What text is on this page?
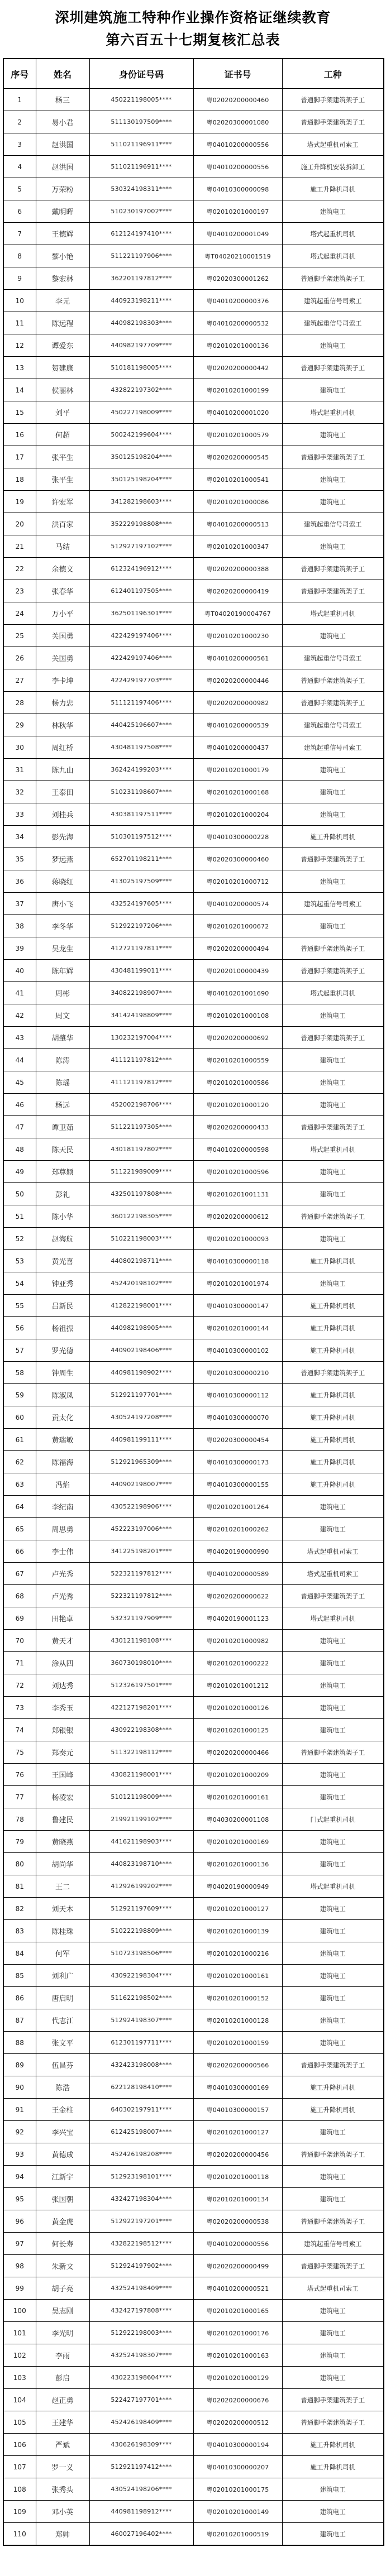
深圳建筑施工特种作业操作资格证继续教育
第六百五十七期复核汇总表
序号	姓名	身份证号码	证书号	工种
1	杨三	450221198005****	粤02020200000460	普通脚手架建筑架子工
2	易小君	511130197509****	粤02020300001080	普通脚手架建筑架子工
3	赵洪国	511021196911****	粤04010200000556	塔式起重机司索工
4	赵洪国	511021196911****	粤04010200000556	施工升降机安装拆卸工
5	万荣粉	530324198311****	粤04010300000098	施工升降机司机
6	戴明晖	510230197002****	粤02010201000197	建筑电工
7	王德辉	612124197410****	粤04010200001049	塔式起重机司机
8	黎小艳	511221197906****	粤T04020210001519	塔式起重机司机
9	黎宏林	362201197812****	粤02020300001262	普通脚手架建筑架子工
10	李元	440923198211****	粤04010200000376	建筑起重信号司索工
11	陈远程	440982198303****	粤04010200000532	建筑起重信号司索工
12	谭爱东	440982197709****	粤02010201000136	建筑电工
13	贺建康	510181198005****	粤02020200000442	普通脚手架建筑架子工
14	侯丽林	432822197302****	粤02010201000199	建筑电工
15	刘平	450227198009****	粤04010200001020	塔式起重机司机
16	何超	500242199604****	粤02010201000579	建筑电工
17	张平生	350125198204****	粤02020200000545	普通脚手架建筑架子工
18	张平生	350125198204****	粤02010201000541	建筑电工
19	许宏军	341282198603****	粤02010201000086	建筑电工
20	洪百家	352229198808****	粤04010200000513	建筑起重信号司索工
21	马结	512927197102****	粤02010201000347	建筑电工
22	余德文	612324196912****	粤02020200000388	普通脚手架建筑架子工
23	张春华	612401197505****	粤02020200000419	普通脚手架建筑架子工
24	万小平	362501196301****	粤T04020190004767	塔式起重机司机
25	关国勇	422429197406****	粤02010201000230	建筑电工
26	关国勇	422429197406****	粤04010200000561	建筑起重信号司索工
27	李卡坤	422429197703****	粤02020200000446	普通脚手架建筑架子工
28	杨力忠	511121197406****	粤02020200000982	普通脚手架建筑架子工
29	林秋华	440425196607****	粤04010200000539	建筑起重信号司索工
30	周红桥	430481197508****	粤04010200000437	建筑起重信号司索工
31	陈九山	362424199203****	粤02010201000179	建筑电工
32	王泰田	510231198607****	粤02010201000168	建筑电工
33	刘桂兵	430381197511****	粤02010201000204	建筑电工
34	彭先海	510301197512****	粤04010300000228	施工升降机司机
35	梦远燕	652701198211****	粤02020300000460	普通脚手架建筑架子工
36	蒋晓红	413025197509****	粤02010201000712	建筑电工
37	唐小飞	432524197605****	粤04010200000574	建筑起重信号司索工
38	李冬华	512922197206****	粤02010201000672	建筑电工
39	吴龙生	412721197811****	粤02020200000494	普通脚手架建筑架子工
40	陈年辉	430481199011****	粤02020100000439	普通脚手架建筑架子工
41	周彬	340822198907****	粤04010201001690	塔式起重机司机
42	周文	341424198809****	粤02010201000108	建筑电工
43	胡肇华	130232197004****	粤02020200000692	普通脚手架建筑架子工
44	陈涛	411121197812****	粤02010201000559	建筑电工
45	陈瑶	411121197812****	粤02010201000586	建筑电工
46	杨远	452002198706****	粤02010201000120	建筑电工
47	谭卫茹	511221197305****	粤02020200000433	普通脚手架建筑架子工
48	陈天民	430181197802****	粤04010200000598	塔式起重机司机
49	郑尊颖	511221989009****	粤02010201000596	建筑电工
50	彭礼	432501197808****	粤02010201001131	建筑电工
51	陈小华	360122198305****	粤02020200000612	普通脚手架建筑架子工
52	赵海航	510221198003****	粤02010201000093	建筑电工
53	黄光喜	440802198711****	粤04010300000118	施工升降机司机
54	钟亚秀	452420198102****	粤02010201001974	建筑电工
55	吕新民	412822198001****	粤04010300000147	施工升降机司机
56	杨祖振	440982198905****	粤02010201000144	施工升降机司机
57	罗光德	440902198406****	粤04010300000102	施工升降机司机
58	钟周生	440981198902****	粤02010300000210	普通脚手架建筑架子工
59	陈淑凤	512921197701****	粤04010300000112	施工升降机司机
60	贡太化	430524197208****	粤04010300000070	施工升降机司机
61	黄瑞敏	440981199111****	粤02020300000454	施工升降机司机
62	陈福海	512921965309****	粤04010300000173	施工升降机司机
63	冯焰	440902198007****	粤04010300000155	施工升降机司机
64	李纪南	430522198906****	粤02010201001264	建筑电工
65	周思勇	452223197006****	粤02010201000262	建筑电工
66	李士伟	341225198201****	粤04020190000990	塔式起重机司索工
67	卢光秀	522321197812****	粤04010200000589	塔式起重机司索工
68	卢光秀	522321197812****	粤02020200000622	普通脚手架建筑架子工
69	田艳卓	532321197909****	粤04020190001123	塔式起重机司机
70	黄天才	430121198108****	粤02010201000982	建筑电工
71	涂从四	360730198010****	粤02010201000222	建筑电工
72	刘达秀	512326197501****	粤02010201001212	建筑电工
73	李秀玉	422127198201****	粤02010201000126	建筑电工
74	郑银银	430922198308****	粤02010201000125	建筑电工
75	郑奏元	511322198112****	粤02020200000466	普通脚手架建筑架子工
76	王国峰	430821198001****	粤02010201000209	建筑电工
77	杨凌宏	510121198009****	粤02010201000161	建筑电工
78	鲁建民	219921199102****	粤04030200001108	门式起重机司机
79	黄晓燕	441621198903****	粤02010201000169	建筑电工
80	胡尚华	440823198710****	粤02010201000136	建筑电工
81	王二	412926199202****	粤04020190000949	塔式起重机司机
82	刘天木	512921197609****	粤02010201000127	建筑电工
83	陈桂珠	510222198809****	粤02010201000139	建筑电工
84	何军	510723198506****	粤02010201000216	建筑电工
85	刘利广	430922198304****	粤02010201000161	建筑电工
86	唐启明	511622198502****	粤02010201000152	建筑电工
87	代志江	512924198307****	粤02010201000128	建筑电工
88	张文平	612301197711****	粤02010201000159	建筑电工
89	伍昌芬	432423198008****	粤02020200000566	普通脚手架建筑架子工
90	陈浩	622128198410****	粤04010300000169	施工升降机司机
91	王金柱	640302197911****	粤04010300000157	施工升降机司机
92	李兴宝	612425198007****	粤02010201000127	建筑电工
93	黄德成	452426198208****	粤02020200000456	普通脚手架建筑架子工
94	江新宇	512923198101****	粤02010201000118	建筑电工
95	张国朝	432427198304****	粤02010201000134	建筑电工
96	黄金虎	512922197201****	粤02020200000538	普通脚手架建筑架子工
97	何长寿	432822198512****	粤04010200000556	建筑起重信号司索工
98	朱新文	512924197902****	粤02020200000499	普通脚手架建筑架子工
99	胡子亮	432524198409****	粤04010200000521	塔式起重机司索工
100	吴志刚	432427197808****	粤02010201000165	建筑电工
101	李光明	512922198003****	粤02010201000176	建筑电工
102	李雨	432524198307****	粤02010201000163	建筑电工
103	彭启	430223198604****	粤02010201000129	建筑电工
104	赵正勇	522427197701****	粤02020200000676	普通脚手架建筑架子工
105	王建华	452426198409****	粤02020200000512	普通脚手架建筑架子工
106	严斌	430626198309****	粤04010300000194	施工升降机司机
107	罗一义	512921197412****	粤04010300000207	施工升降机司机
108	张秀头	430524198206****	粤02010201000175	建筑电工
109	邓小英	440981198912****	粤02010201000149	建筑电工
110	郑帅	460027196402****	粤02010201000519	建筑电工
